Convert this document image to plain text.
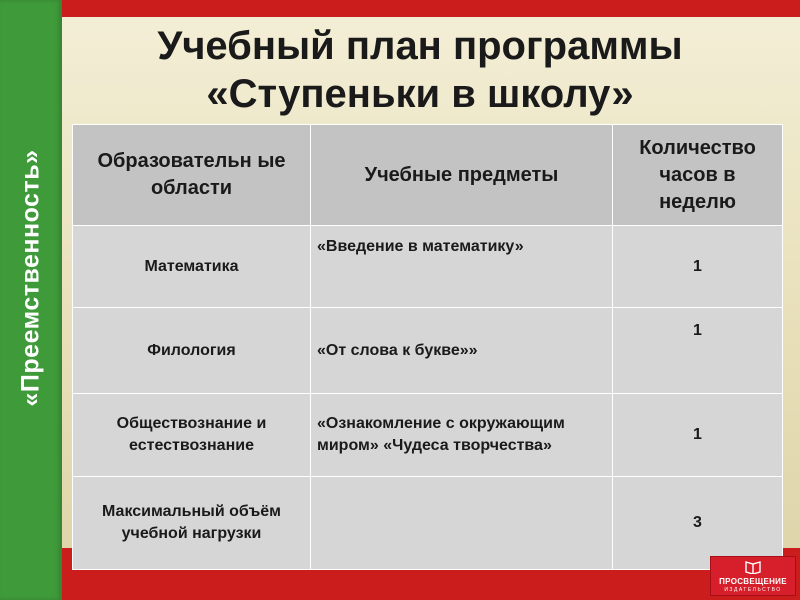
«Преемственность»
Учебный план программы
«Ступеньки в школу»
Образовательн ые области	Учебные предметы	Количество часов в неделю
Математика	«Введение в математику»	1
Филология	«От слова к букве»»	1
Обществознание и естествознание	«Ознакомление с окружающим миром» «Чудеса творчества»	1
Максимальный объём учебной нагрузки		3
ПРОСВЕЩЕНИЕ
ИЗДАТЕЛЬСТВО
